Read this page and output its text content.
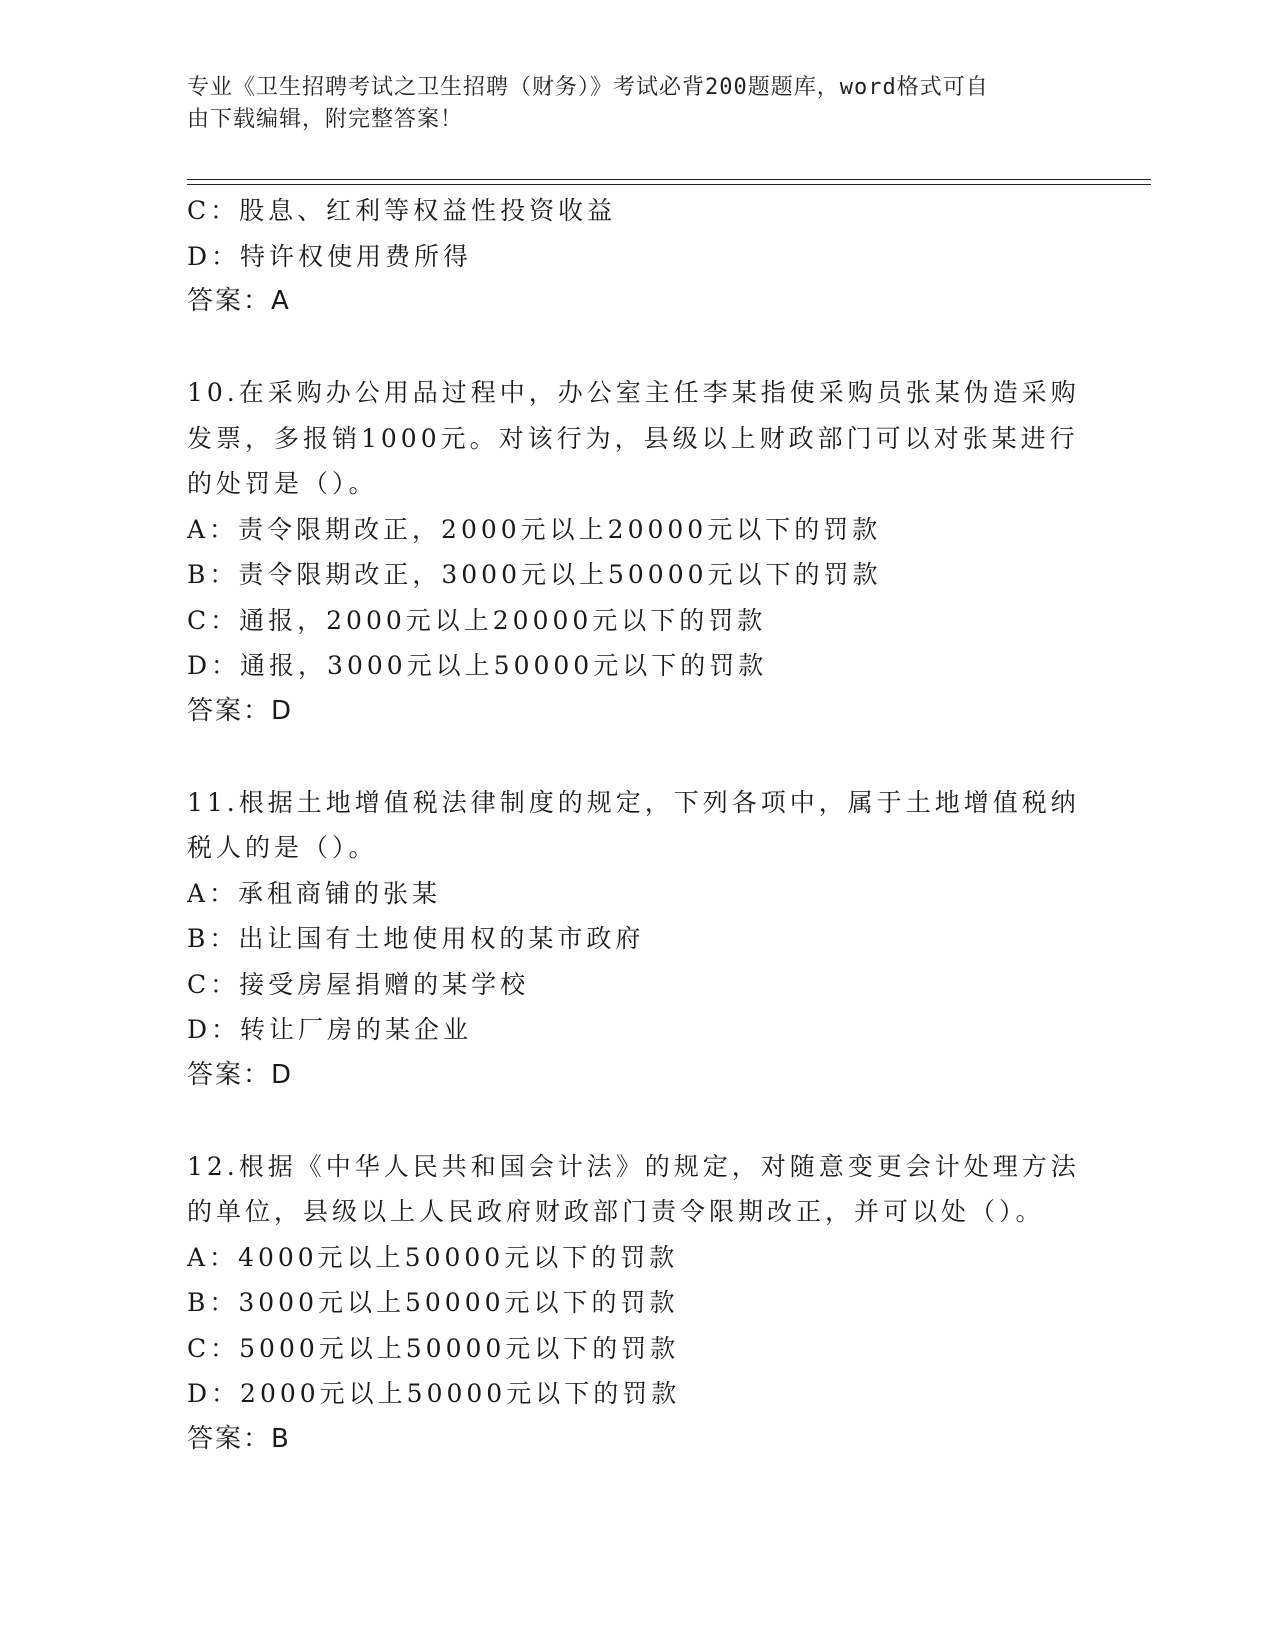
专业《卫生招聘考试之卫生招聘（财务）》考试必背200题题库，word格式可自
由下载编辑，附完整答案！
C：股息、红利等权益性投资收益
D：特许权使用费所得
答案：A
10.在采购办公用品过程中，办公室主任李某指使采购员张某伪造采购
发票，多报销1000元。对该行为，县级以上财政部门可以对张某进行
的处罚是（）。
A：责令限期改正，2000元以上20000元以下的罚款
B：责令限期改正，3000元以上50000元以下的罚款
C：通报，2000元以上20000元以下的罚款
D：通报，3000元以上50000元以下的罚款
答案：D
11.根据土地增值税法律制度的规定，下列各项中，属于土地增值税纳
税人的是（）。
A：承租商铺的张某
B：出让国有土地使用权的某市政府
C：接受房屋捐赠的某学校
D：转让厂房的某企业
答案：D
12.根据《中华人民共和国会计法》的规定，对随意变更会计处理方法
的单位，县级以上人民政府财政部门责令限期改正，并可以处（）。
A：4000元以上50000元以下的罚款
B：3000元以上50000元以下的罚款
C：5000元以上50000元以下的罚款
D：2000元以上50000元以下的罚款
答案：B
